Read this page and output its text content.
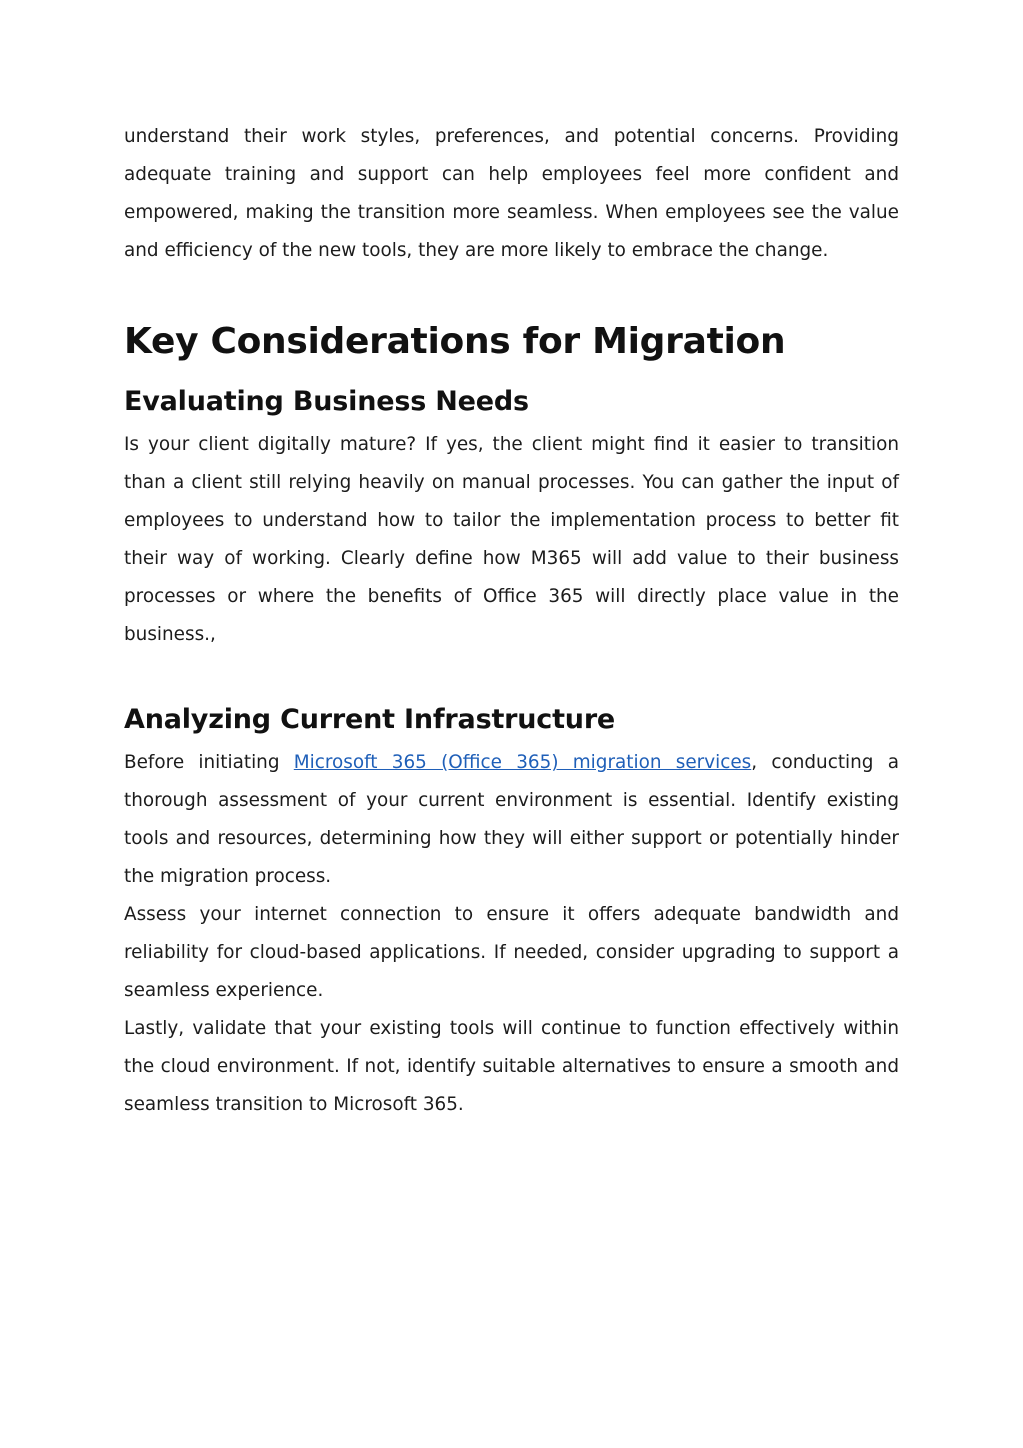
understand their work styles, preferences, and potential concerns. Providing adequate training and support can help employees feel more confident and empowered, making the transition more seamless. When employees see the value and efficiency of the new tools, they are more likely to embrace the change.

Key Considerations for Migration
Evaluating Business Needs

Is your client digitally mature? If yes, the client might find it easier to transition than a client still relying heavily on manual processes. You can gather the input of employees to understand how to tailor the implementation process to better fit their way of working. Clearly define how M365 will add value to their business processes or where the benefits of Office 365 will directly place value in the business.,

Analyzing Current Infrastructure

Before initiating Microsoft 365 (Office 365) migration services, conducting a thorough assessment of your current environment is essential. Identify existing tools and resources, determining how they will either support or potentially hinder the migration process.

Assess your internet connection to ensure it offers adequate bandwidth and reliability for cloud-based applications. If needed, consider upgrading to support a seamless experience.

Lastly, validate that your existing tools will continue to function effectively within the cloud environment. If not, identify suitable alternatives to ensure a smooth and seamless transition to Microsoft 365.
